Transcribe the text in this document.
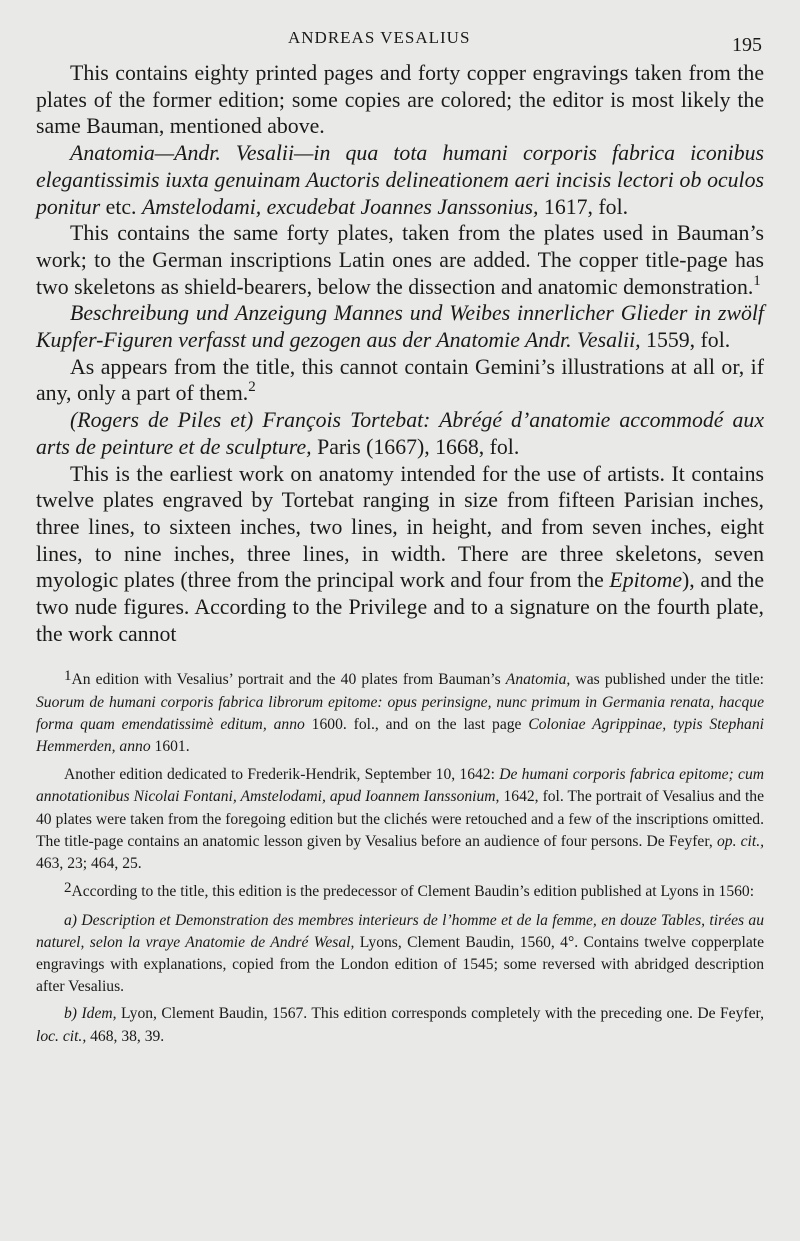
ANDREAS VESALIUS	195

This contains eighty printed pages and forty copper engravings taken from the plates of the former edition; some copies are colored; the editor is most likely the same Bauman, mentioned above.

Anatomia—Andr. Vesalii—in qua tota humani corporis fabrica iconibus elegantissimis iuxta genuinam Auctoris delineationem aeri incisis lectori ob oculos ponitur etc. Amstelodami, excudebat Joannes Janssonius, 1617, fol.

This contains the same forty plates, taken from the plates used in Bauman’s work; to the German inscriptions Latin ones are added. The copper title-page has two skeletons as shield-bearers, below the dissection and anatomic demonstration.$^1$

Beschreibung und Anzeigung Mannes und Weibes innerlicher Glieder in zwölf Kupfer-Figuren verfasst und gezogen aus der Anatomie Andr. Vesalii, 1559, fol.

As appears from the title, this cannot contain Gemini’s illustrations at all or, if any, only a part of them.$^2$

(Rogers de Piles et) François Tortebat: Abrégé d’anatomie accommodé aux arts de peinture et de sculpture, Paris (1667), 1668, fol.

This is the earliest work on anatomy intended for the use of artists. It contains twelve plates engraved by Tortebat ranging in size from fifteen Parisian inches, three lines, to sixteen inches, two lines, in height, and from seven inches, eight lines, to nine inches, three lines, in width. There are three skeletons, seven myologic plates (three from the principal work and four from the Epitome), and the two nude figures. According to the Privilege and to a signature on the fourth plate, the work cannot

$^1$An edition with Vesalius’ portrait and the 40 plates from Bauman’s Anatomia, was published under the title: Suorum de humani corporis fabrica librorum epitome: opus perinsigne, nunc primum in Germania renata, hacque forma quam emendatissimè editum, anno 1600. fol., and on the last page Coloniae Agrippinae, typis Stephani Hemmerden, anno 1601.

Another edition dedicated to Frederik-Hendrik, September 10, 1642: De humani corporis fabrica epitome; cum annotationibus Nicolai Fontani, Amstelodami, apud Ioannem Ianssonium, 1642, fol. The portrait of Vesalius and the 40 plates were taken from the foregoing edition but the clichés were retouched and a few of the inscriptions omitted. The title-page contains an anatomic lesson given by Vesalius before an audience of four persons. De Feyfer, op. cit., 463, 23; 464, 25.

$^2$According to the title, this edition is the predecessor of Clement Baudin’s edition published at Lyons in 1560:

a) Description et Demonstration des membres interieurs de l’homme et de la femme, en douze Tables, tirées au naturel, selon la vraye Anatomie de André Wesal, Lyons, Clement Baudin, 1560, 4°. Contains twelve copperplate engravings with explanations, copied from the London edition of 1545; some reversed with abridged description after Vesalius.

b) Idem, Lyon, Clement Baudin, 1567. This edition corresponds completely with the preceding one. De Feyfer, loc. cit., 468, 38, 39.
